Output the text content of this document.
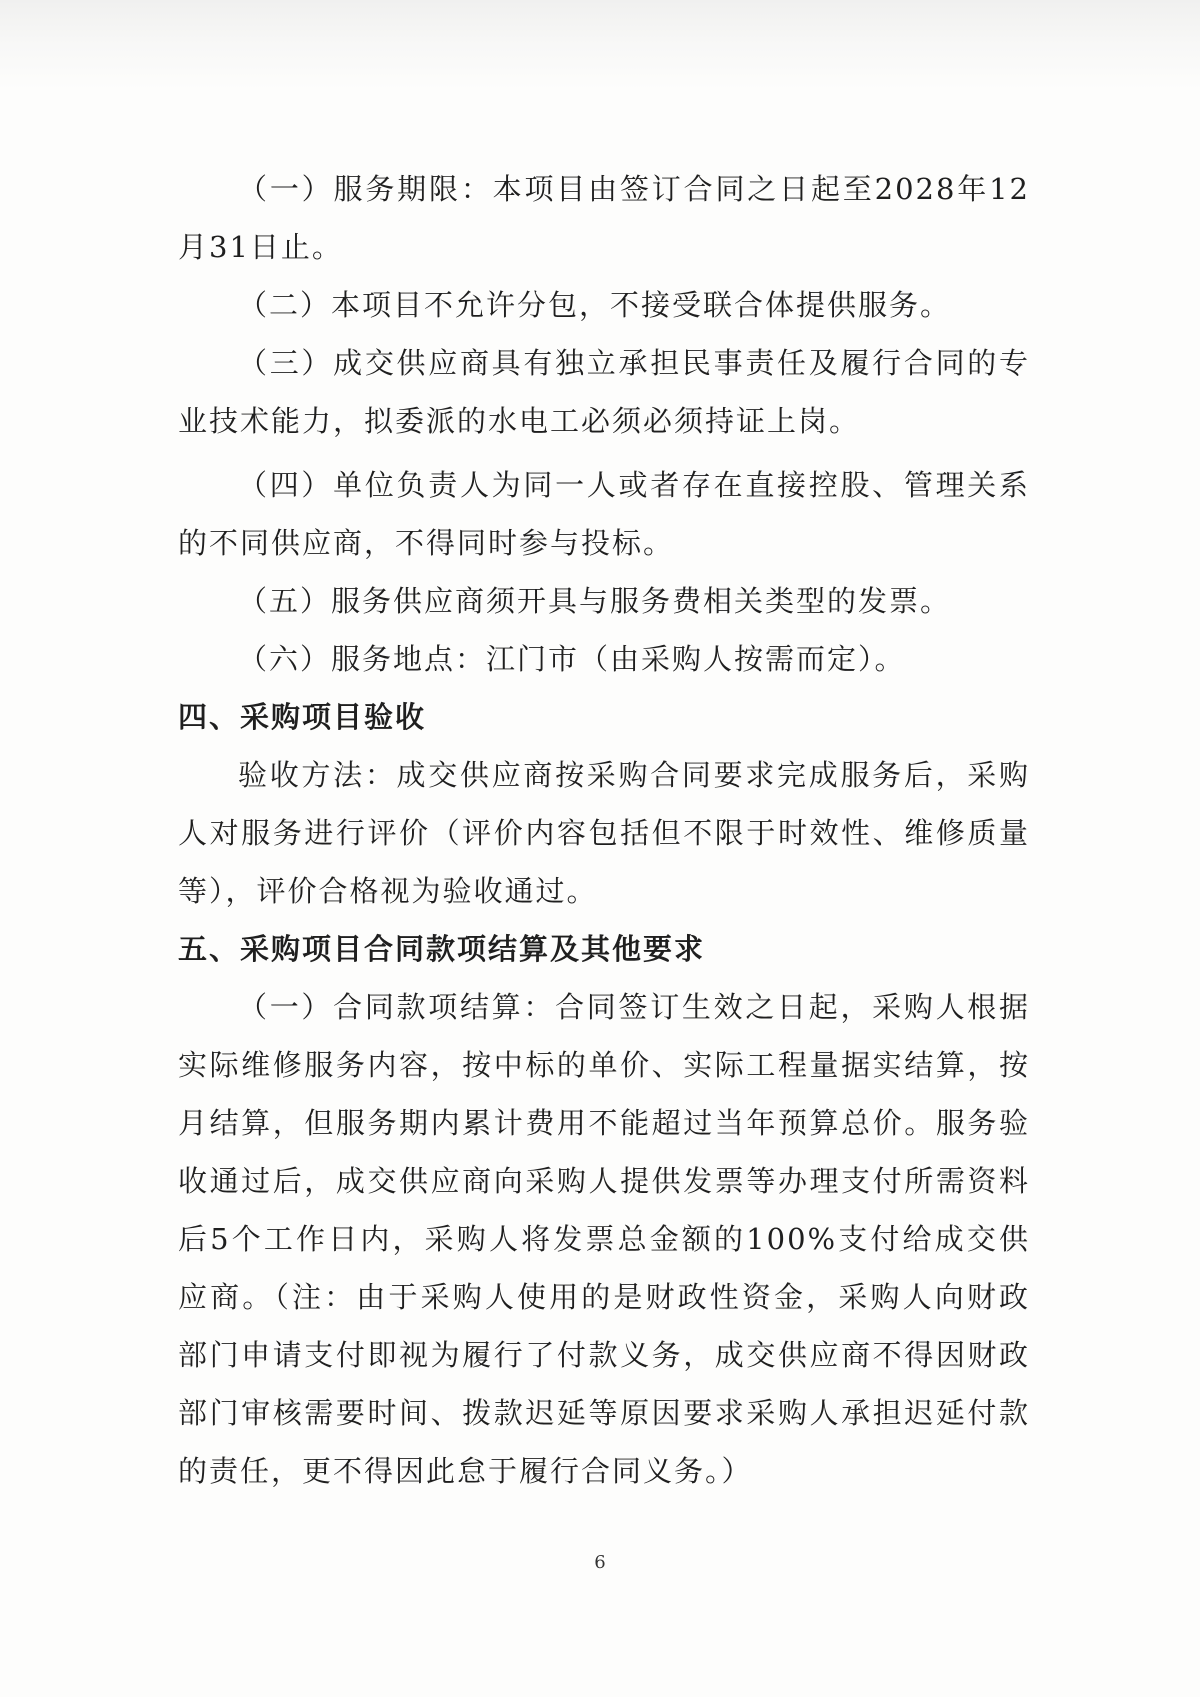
（一）服务期限：本项目由签订合同之日起至2028年12月31日止。

（二）本项目不允许分包，不接受联合体提供服务。

（三）成交供应商具有独立承担民事责任及履行合同的专业技术能力，拟委派的水电工必须必须持证上岗。

（四）单位负责人为同一人或者存在直接控股、管理关系的不同供应商，不得同时参与投标。

（五）服务供应商须开具与服务费相关类型的发票。

（六）服务地点：江门市（由采购人按需而定）。

四、采购项目验收

验收方法：成交供应商按采购合同要求完成服务后，采购人对服务进行评价（评价内容包括但不限于时效性、维修质量等），评价合格视为验收通过。

五、采购项目合同款项结算及其他要求

（一）合同款项结算：合同签订生效之日起，采购人根据实际维修服务内容，按中标的单价、实际工程量据实结算，按月结算，但服务期内累计费用不能超过当年预算总价。服务验收通过后，成交供应商向采购人提供发票等办理支付所需资料后5个工作日内，采购人将发票总金额的100%支付给成交供应商。（注：由于采购人使用的是财政性资金，采购人向财政部门申请支付即视为履行了付款义务，成交供应商不得因财政部门审核需要时间、拨款迟延等原因要求采购人承担迟延付款的责任，更不得因此怠于履行合同义务。）

6
